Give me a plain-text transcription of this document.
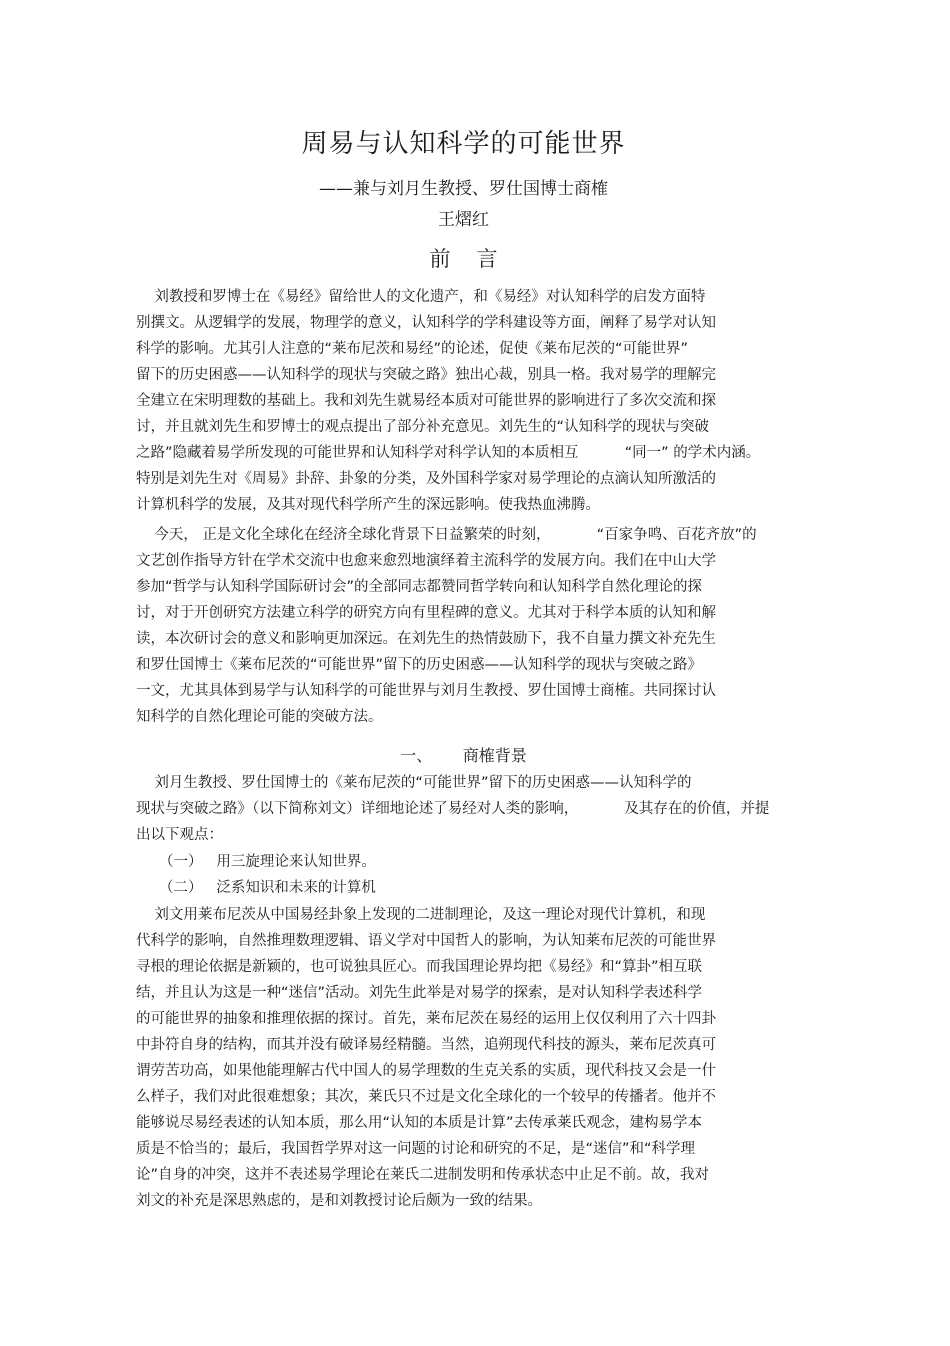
周易与认知科学的可能世界
——兼与刘月生教授、罗仕国博士商榷
王熠红
前言
刘教授和罗博士在《易经》留给世人的文化遗产，和《易经》对认知科学的启发方面特
别撰文。从逻辑学的发展，物理学的意义，认知科学的学科建设等方面，阐释了易学对认知
科学的影响。尤其引人注意的“莱布尼茨和易经”的论述，促使《莱布尼茨的“可能世界”
留下的历史困惑——认知科学的现状与突破之路》独出心裁，别具一格。我对易学的理解完
全建立在宋明理数的基础上。我和刘先生就易经本质对可能世界的影响进行了多次交流和探
讨，并且就刘先生和罗博士的观点提出了部分补充意见。刘先生的“认知科学的现状与突破
之路”隐藏着易学所发现的可能世界和认知科学对科学认知的本质相互          “同一” 的学术内涵。
特别是刘先生对《周易》卦辞、卦象的分类，及外国科学家对易学理论的点滴认知所激活的
计算机科学的发展，及其对现代科学所产生的深远影响。使我热血沸腾。
今天， 正是文化全球化在经济全球化背景下日益繁荣的时刻，          “百家争鸣、百花齐放”的
文艺创作指导方针在学术交流中也愈来愈烈地演绎着主流科学的发展方向。我们在中山大学
参加“哲学与认知科学国际研讨会”的全部同志都赞同哲学转向和认知科学自然化理论的探
讨，对于开创研究方法建立科学的研究方向有里程碑的意义。尤其对于科学本质的认知和解
读，本次研讨会的意义和影响更加深远。在刘先生的热情鼓励下，我不自量力撰文补充先生
和罗仕国博士《莱布尼茨的“可能世界”留下的历史困惑——认知科学的现状与突破之路》
一文，尤其具体到易学与认知科学的可能世界与刘月生教授、罗仕国博士商榷。共同探讨认
知科学的自然化理论可能的突破方法。
一、      商榷背景
刘月生教授、罗仕国博士的《莱布尼茨的“可能世界”留下的历史困惑——认知科学的
现状与突破之路》（以下简称刘文）详细地论述了易经对人类的影响，          及其存在的价值，并提
出以下观点：
（一）   用三旋理论来认知世界。
（二）   泛系知识和未来的计算机
刘文用莱布尼茨从中国易经卦象上发现的二进制理论，及这一理论对现代计算机，和现
代科学的影响，自然推理数理逻辑、语义学对中国哲人的影响，为认知莱布尼茨的可能世界
寻根的理论依据是新颖的，也可说独具匠心。而我国理论界均把《易经》和“算卦”相互联
结，并且认为这是一种“迷信”活动。刘先生此举是对易学的探索，是对认知科学表述科学
的可能世界的抽象和推理依据的探讨。首先，莱布尼茨在易经的运用上仅仅利用了六十四卦
中卦符自身的结构，而其并没有破译易经精髓。当然，追朔现代科技的源头，莱布尼茨真可
谓劳苦功高，如果他能理解古代中国人的易学理数的生克关系的实质，现代科技又会是一什
么样子，我们对此很难想象；其次，莱氏只不过是文化全球化的一个较早的传播者。他并不
能够说尽易经表述的认知本质，那么用“认知的本质是计算”去传承莱氏观念，建构易学本
质是不恰当的；最后，我国哲学界对这一问题的讨论和研究的不足，是“迷信”和“科学理
论”自身的冲突，这并不表述易学理论在莱氏二进制发明和传承状态中止足不前。故，我对
刘文的补充是深思熟虑的，是和刘教授讨论后颇为一致的结果。
